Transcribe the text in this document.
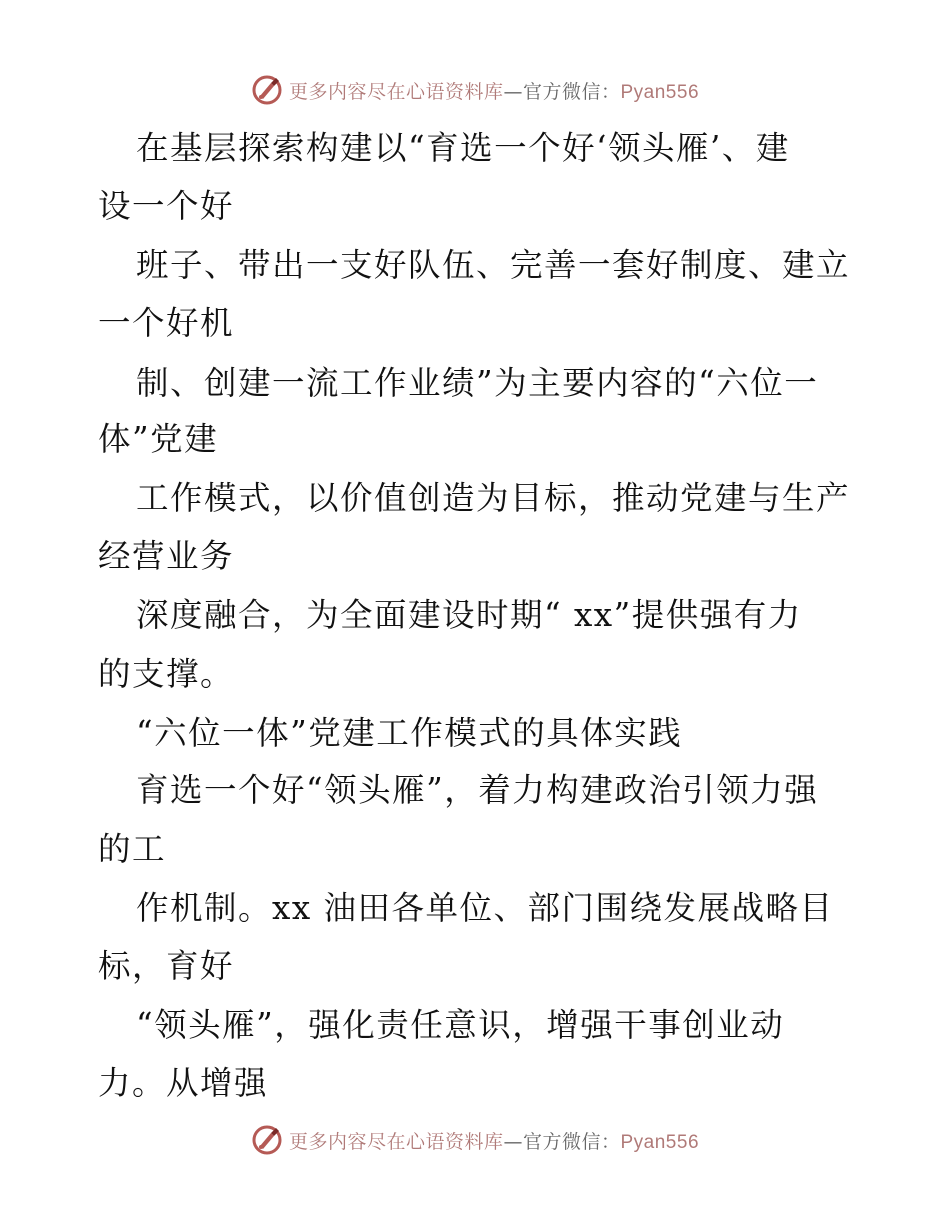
更多内容尽在心语资料库—官方微信：Pyan556
在基层探索构建以“育选一个好‘领头雁’、建
设一个好
班子、带出一支好队伍、完善一套好制度、建立
一个好机
制、创建一流工作业绩”为主要内容的“六位一
体”党建
工作模式，以价值创造为目标，推动党建与生产
经营业务
深度融合，为全面建设时期“ xx”提供强有力
的支撑。
“六位一体”党建工作模式的具体实践
育选一个好“领头雁”，着力构建政治引领力强
的工
作机制。xx 油田各单位、部门围绕发展战略目
标，育好
“领头雁”，强化责任意识，增强干事创业动
力。从增强
更多内容尽在心语资料库—官方微信：Pyan556
